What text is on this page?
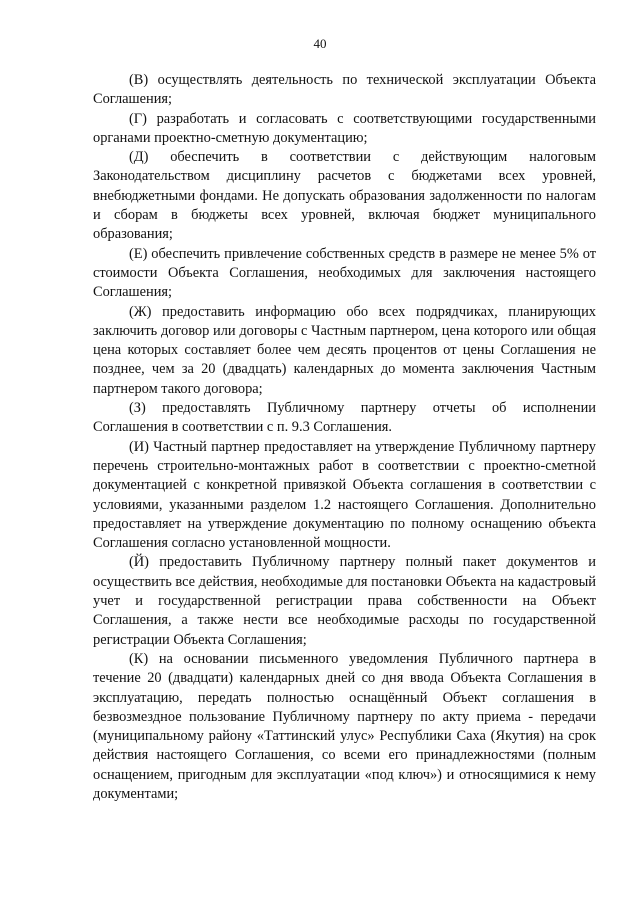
40

(В) осуществлять деятельность по технической эксплуатации Объекта Соглашения;

(Г) разработать и согласовать с соответствующими государственными органами проектно-сметную документацию;

(Д) обеспечить в соответствии с действующим налоговым Законодательством дисциплину расчетов с бюджетами всех уровней, внебюджетными фондами. Не допускать образования задолженности по налогам и сборам в бюджеты всех уровней, включая бюджет муниципального образования;

(Е) обеспечить привлечение собственных средств в размере не менее 5% от стоимости Объекта Соглашения, необходимых для заключения настоящего Соглашения;

(Ж) предоставить информацию обо всех подрядчиках, планирующих заключить договор или договоры с Частным партнером, цена которого или общая цена которых составляет более чем десять процентов от цены Соглашения не позднее, чем за 20 (двадцать) календарных до момента заключения Частным партнером такого договора;

(З) предоставлять Публичному партнеру отчеты об исполнении Соглашения в соответствии с п. 9.3 Соглашения.

(И) Частный партнер предоставляет на утверждение Публичному партнеру перечень строительно-монтажных работ в соответствии с проектно-сметной документацией с конкретной привязкой Объекта соглашения в соответствии с условиями, указанными разделом 1.2 настоящего Соглашения. Дополнительно предоставляет на утверждение документацию по полному оснащению объекта Соглашения согласно установленной мощности.

(Й) предоставить Публичному партнеру полный пакет документов и осуществить все действия, необходимые для постановки Объекта на кадастровый учет и государственной регистрации права собственности на Объект Соглашения, а также нести все необходимые расходы по государственной регистрации Объекта Соглашения;

(К) на основании письменного уведомления Публичного партнера в течение 20 (двадцати) календарных дней со дня ввода Объекта Соглашения в эксплуатацию, передать полностью оснащённый Объект соглашения в безвозмездное пользование Публичному партнеру по акту приема - передачи (муниципальному району «Таттинский улус» Республики Саха (Якутия) на срок действия настоящего Соглашения, со всеми его принадлежностями (полным оснащением, пригодным для эксплуатации «под ключ») и относящимися к нему документами;
